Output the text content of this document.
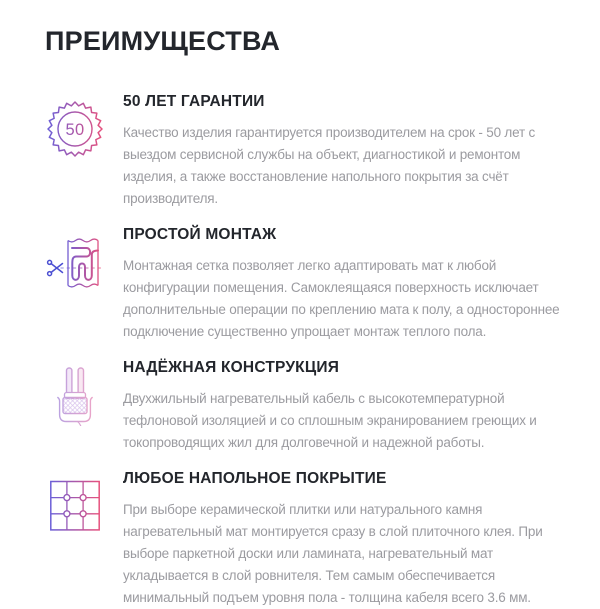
ПРЕИМУЩЕСТВА
50
50 ЛЕТ ГАРАНТИИ

Качество изделия гарантируется производителем на срок - 50 лет с выездом сервисной службы на объект, диагностикой и ремонтом изделия, а также восстановление напольного покрытия за счёт производителя.

ПРОСТОЙ МОНТАЖ

Монтажная сетка позволяет легко адаптировать мат к любой конфигурации помещения. Самоклеящаяся поверхность исключает дополнительные операции по креплению мата к полу, а одностороннее подключение существенно упрощает монтаж теплого пола.

НАДЁЖНАЯ КОНСТРУКЦИЯ

Двухжильный нагревательный кабель с высокотемпературной тефлоновой изоляцией и со сплошным экранированием греющих и токопроводящих жил для долговечной и надежной работы.

ЛЮБОЕ НАПОЛЬНОЕ ПОКРЫТИЕ

При выборе керамической плитки или натурального камня нагревательный мат монтируется сразу в слой плиточного клея. При выборе паркетной доски или ламината, нагревательный мат укладывается в слой ровнителя. Тем самым обеспечивается минимальный подъем уровня пола - толщина кабеля всего 3.6 мм.
